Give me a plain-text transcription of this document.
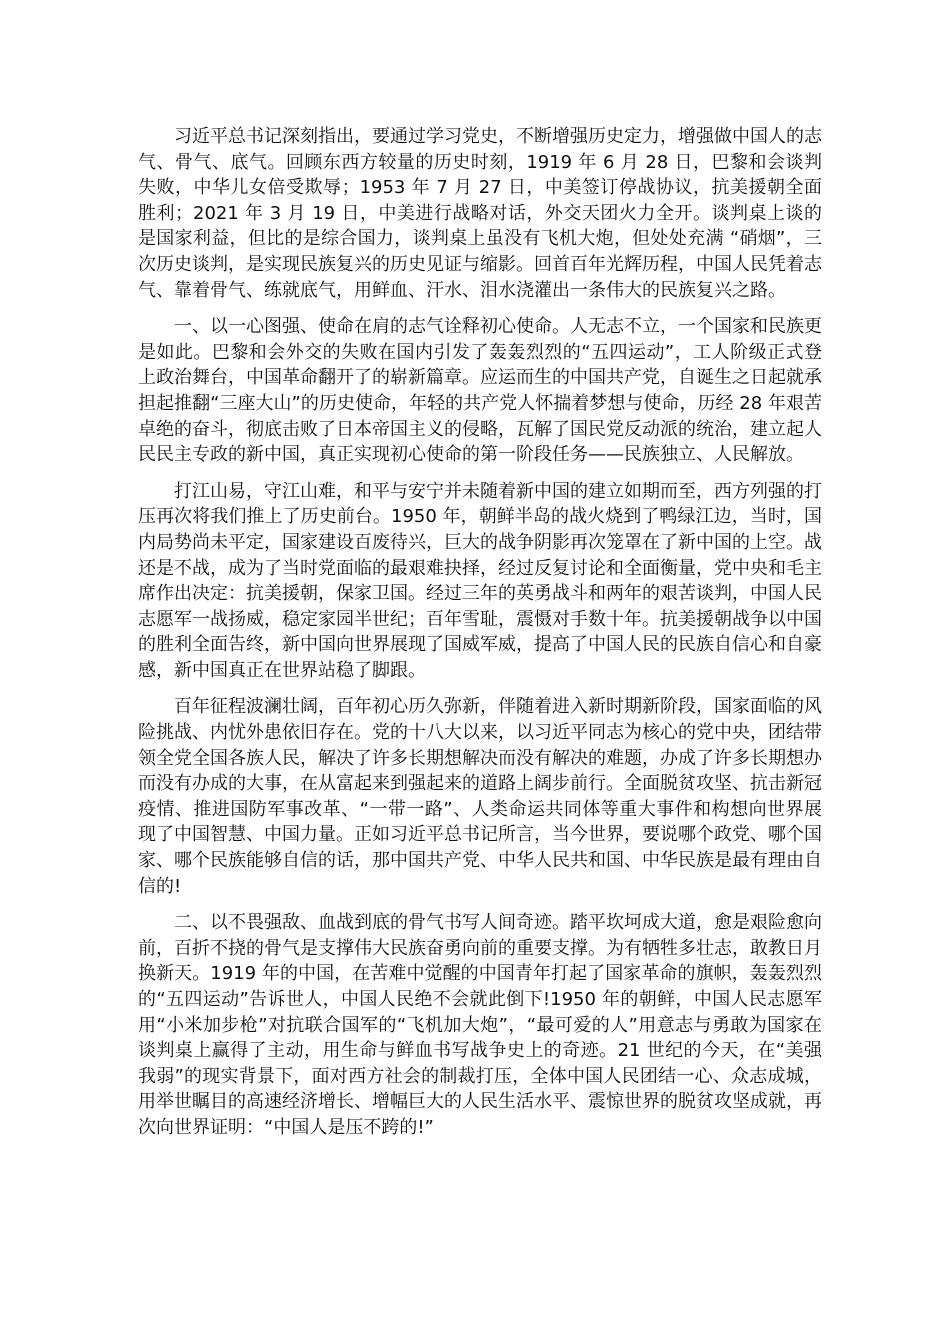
习近平总书记深刻指出，要通过学习党史，不断增强历史定力，增强做中国人的志气、骨气、底气。回顾东西方较量的历史时刻，1919 年 6 月 28 日，巴黎和会谈判失败，中华儿女倍受欺辱；1953 年 7 月 27 日，中美签订停战协议，抗美援朝全面胜利；2021 年 3 月 19 日，中美进行战略对话，外交天团火力全开。谈判桌上谈的是国家利益，但比的是综合国力，谈判桌上虽没有飞机大炮，但处处充满 “硝烟”，三次历史谈判，是实现民族复兴的历史见证与缩影。回首百年光辉历程，中国人民凭着志气、靠着骨气、练就底气，用鲜血、汗水、泪水浇灌出一条伟大的民族复兴之路。

一、以一心图强、使命在肩的志气诠释初心使命。人无志不立，一个国家和民族更是如此。巴黎和会外交的失败在国内引发了轰轰烈烈的“五四运动”，工人阶级正式登上政治舞台，中国革命翻开了的崭新篇章。应运而生的中国共产党，自诞生之日起就承担起推翻“三座大山”的历史使命，年轻的共产党人怀揣着梦想与使命，历经 28 年艰苦卓绝的奋斗，彻底击败了日本帝国主义的侵略，瓦解了国民党反动派的统治，建立起人民民主专政的新中国，真正实现初心使命的第一阶段任务——民族独立、人民解放。

打江山易，守江山难，和平与安宁并未随着新中国的建立如期而至，西方列强的打压再次将我们推上了历史前台。1950 年，朝鲜半岛的战火烧到了鸭绿江边，当时，国内局势尚未平定，国家建设百废待兴，巨大的战争阴影再次笼罩在了新中国的上空。战还是不战，成为了当时党面临的最艰难抉择，经过反复讨论和全面衡量，党中央和毛主席作出决定：抗美援朝，保家卫国。经过三年的英勇战斗和两年的艰苦谈判，中国人民志愿军一战扬威，稳定家园半世纪；百年雪耻，震慑对手数十年。抗美援朝战争以中国的胜利全面告终，新中国向世界展现了国威军威，提高了中国人民的民族自信心和自豪感，新中国真正在世界站稳了脚跟。

百年征程波澜壮阔，百年初心历久弥新，伴随着进入新时期新阶段，国家面临的风险挑战、内忧外患依旧存在。党的十八大以来，以习近平同志为核心的党中央，团结带领全党全国各族人民，解决了许多长期想解决而没有解决的难题，办成了许多长期想办而没有办成的大事，在从富起来到强起来的道路上阔步前行。全面脱贫攻坚、抗击新冠疫情、推进国防军事改革、“一带一路”、人类命运共同体等重大事件和构想向世界展现了中国智慧、中国力量。正如习近平总书记所言，当今世界，要说哪个政党、哪个国家、哪个民族能够自信的话，那中国共产党、中华人民共和国、中华民族是最有理由自信的!

二、以不畏强敌、血战到底的骨气书写人间奇迹。踏平坎坷成大道，愈是艰险愈向前，百折不挠的骨气是支撑伟大民族奋勇向前的重要支撑。为有牺牲多壮志，敢教日月换新天。1919 年的中国，在苦难中觉醒的中国青年打起了国家革命的旗帜，轰轰烈烈的“五四运动”告诉世人，中国人民绝不会就此倒下!1950 年的朝鲜，中国人民志愿军用“小米加步枪”对抗联合国军的“飞机加大炮”，“最可爱的人”用意志与勇敢为国家在谈判桌上赢得了主动，用生命与鲜血书写战争史上的奇迹。21 世纪的今天，在“美强我弱”的现实背景下，面对西方社会的制裁打压，全体中国人民团结一心、众志成城，用举世瞩目的高速经济增长、增幅巨大的人民生活水平、震惊世界的脱贫攻坚成就，再次向世界证明：“中国人是压不跨的!”
